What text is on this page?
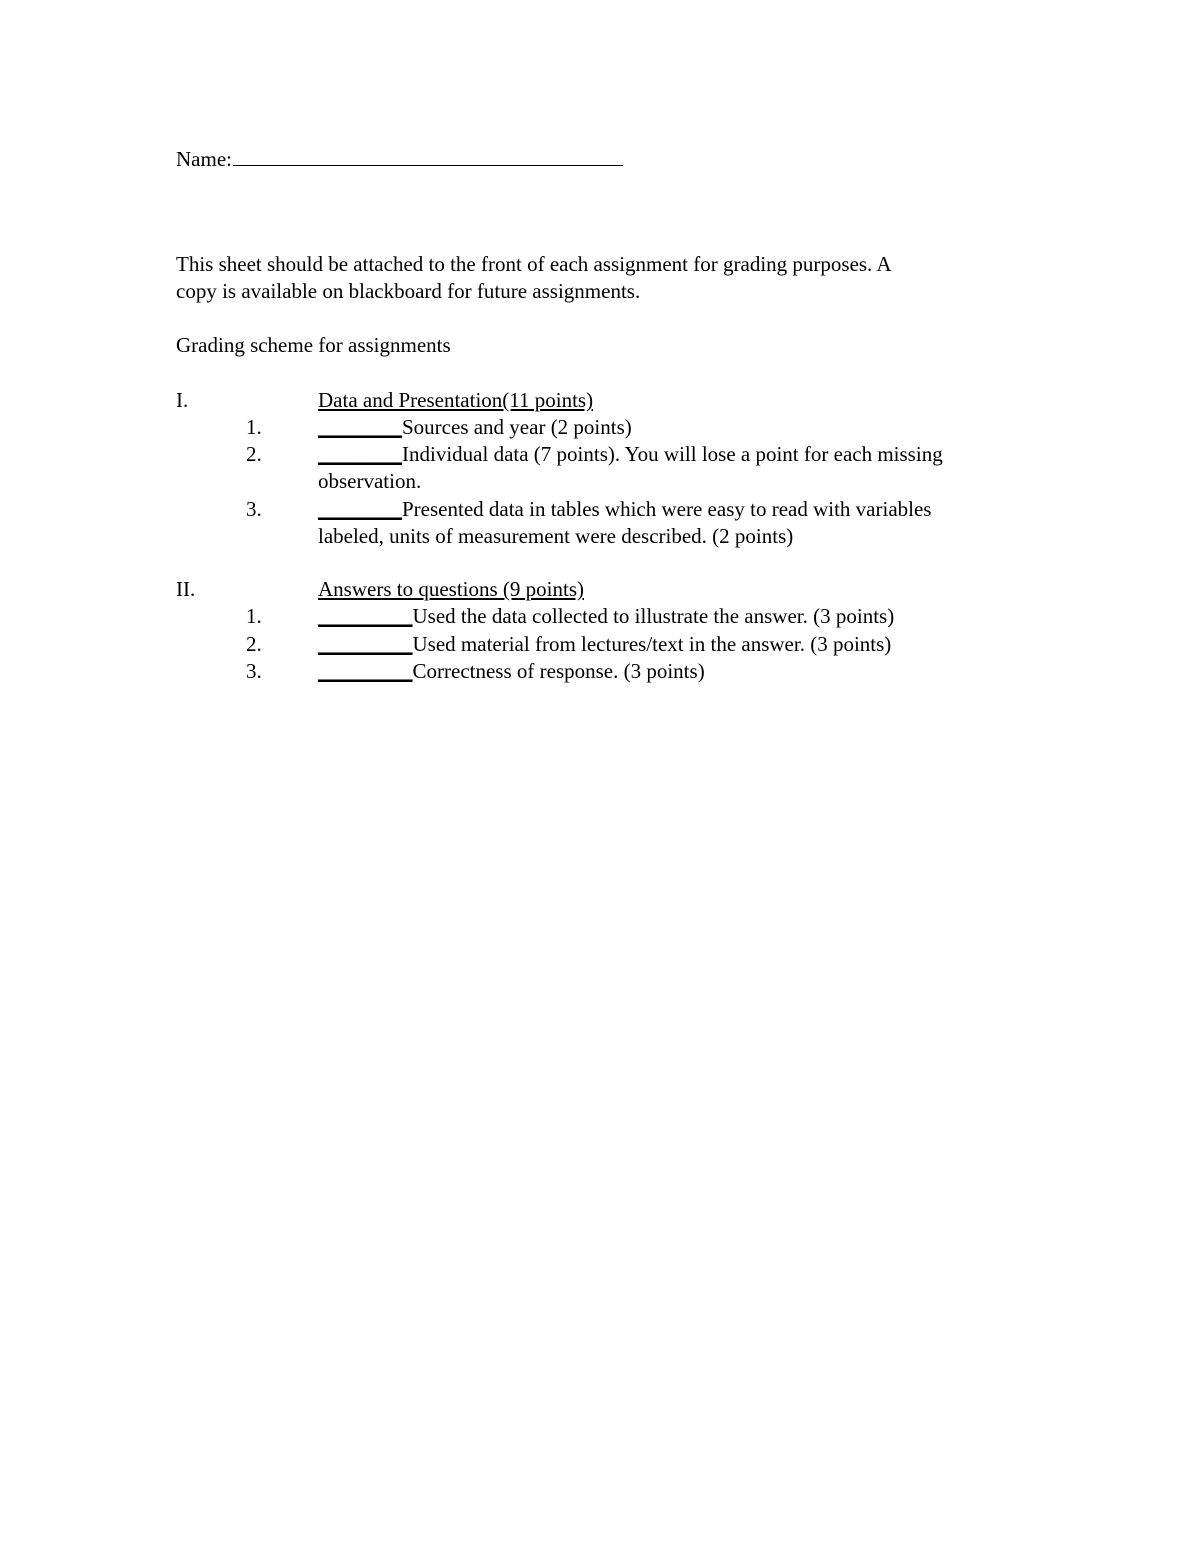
Name:
This sheet should be attached to the front of each assignment for grading purposes. A
copy is available on blackboard for future assignments.
Grading scheme for assignments
I.	Data and Presentation(11 points)
1.	________Sources and year (2 points)
2.	________Individual data (7 points). You will lose a point for each missing
observation.
3.	________Presented data in tables which were easy to read with variables
labeled, units of measurement were described. (2 points)
II.	Answers to questions (9 points)
1.	_________Used the data collected to illustrate the answer. (3 points)
2.	_________Used material from lectures/text in the answer. (3 points)
3.	_________Correctness of response. (3 points)
